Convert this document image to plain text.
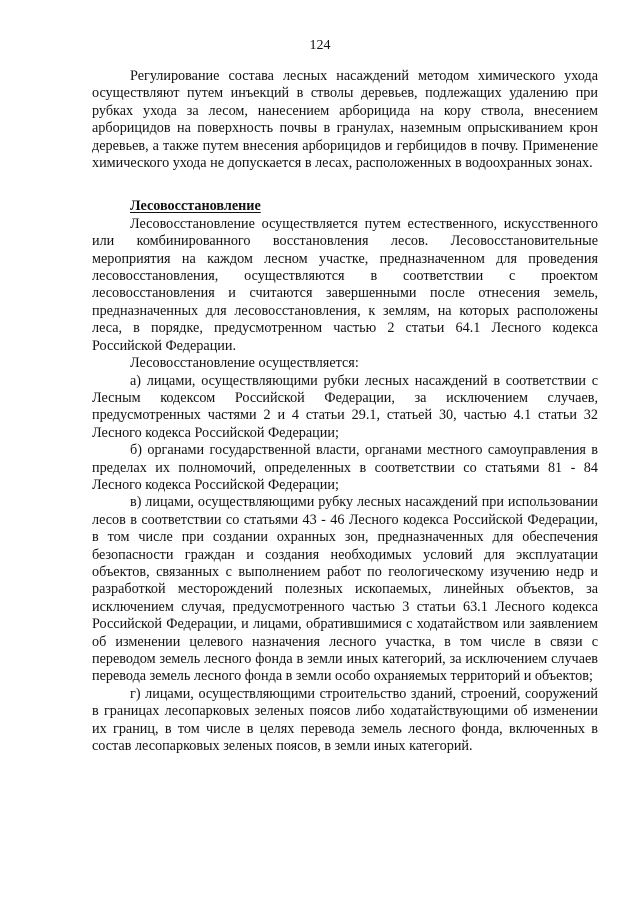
124

Регулирование состава лесных насаждений методом химического ухода осуществляют путем инъекций в стволы деревьев, подлежащих удалению при рубках ухода за лесом, нанесением арборицида на кору ствола, внесением арборицидов на поверхность почвы в гранулах, наземным опрыскиванием крон деревьев, а также путем внесения арборицидов и гербицидов в почву. Применение химического ухода не допускается в лесах, расположенных в водоохранных зонах.

Лесовосстановление

Лесовосстановление осуществляется путем естественного, искусственного или комбинированного восстановления лесов. Лесовосстановительные мероприятия на каждом лесном участке, предназначенном для проведения лесовосстановления, осуществляются в соответствии с проектом лесовосстановления и считаются завершенными после отнесения земель, предназначенных для лесовосстановления, к землям, на которых расположены леса, в порядке, предусмотренном частью 2 статьи 64.1 Лесного кодекса Российской Федерации.

Лесовосстановление осуществляется:

а) лицами, осуществляющими рубки лесных насаждений в соответствии с Лесным кодексом Российской Федерации, за исключением случаев, предусмотренных частями 2 и 4 статьи 29.1, статьей 30, частью 4.1 статьи 32 Лесного кодекса Российской Федерации;

б) органами государственной власти, органами местного самоуправления в пределах их полномочий, определенных в соответствии со статьями 81 - 84 Лесного кодекса Российской Федерации;

в) лицами, осуществляющими рубку лесных насаждений при использовании лесов в соответствии со статьями 43 - 46 Лесного кодекса Российской Федерации, в том числе при создании охранных зон, предназначенных для обеспечения безопасности граждан и создания необходимых условий для эксплуатации объектов, связанных с выполнением работ по геологическому изучению недр и разработкой месторождений полезных ископаемых, линейных объектов, за исключением случая, предусмотренного частью 3 статьи 63.1 Лесного кодекса Российской Федерации, и лицами, обратившимися с ходатайством или заявлением об изменении целевого назначения лесного участка, в том числе в связи с переводом земель лесного фонда в земли иных категорий, за исключением случаев перевода земель лесного фонда в земли особо охраняемых территорий и объектов;

г) лицами, осуществляющими строительство зданий, строений, сооружений в границах лесопарковых зеленых поясов либо ходатайствующими об изменении их границ, в том числе в целях перевода земель лесного фонда, включенных в состав лесопарковых зеленых поясов, в земли иных категорий.
